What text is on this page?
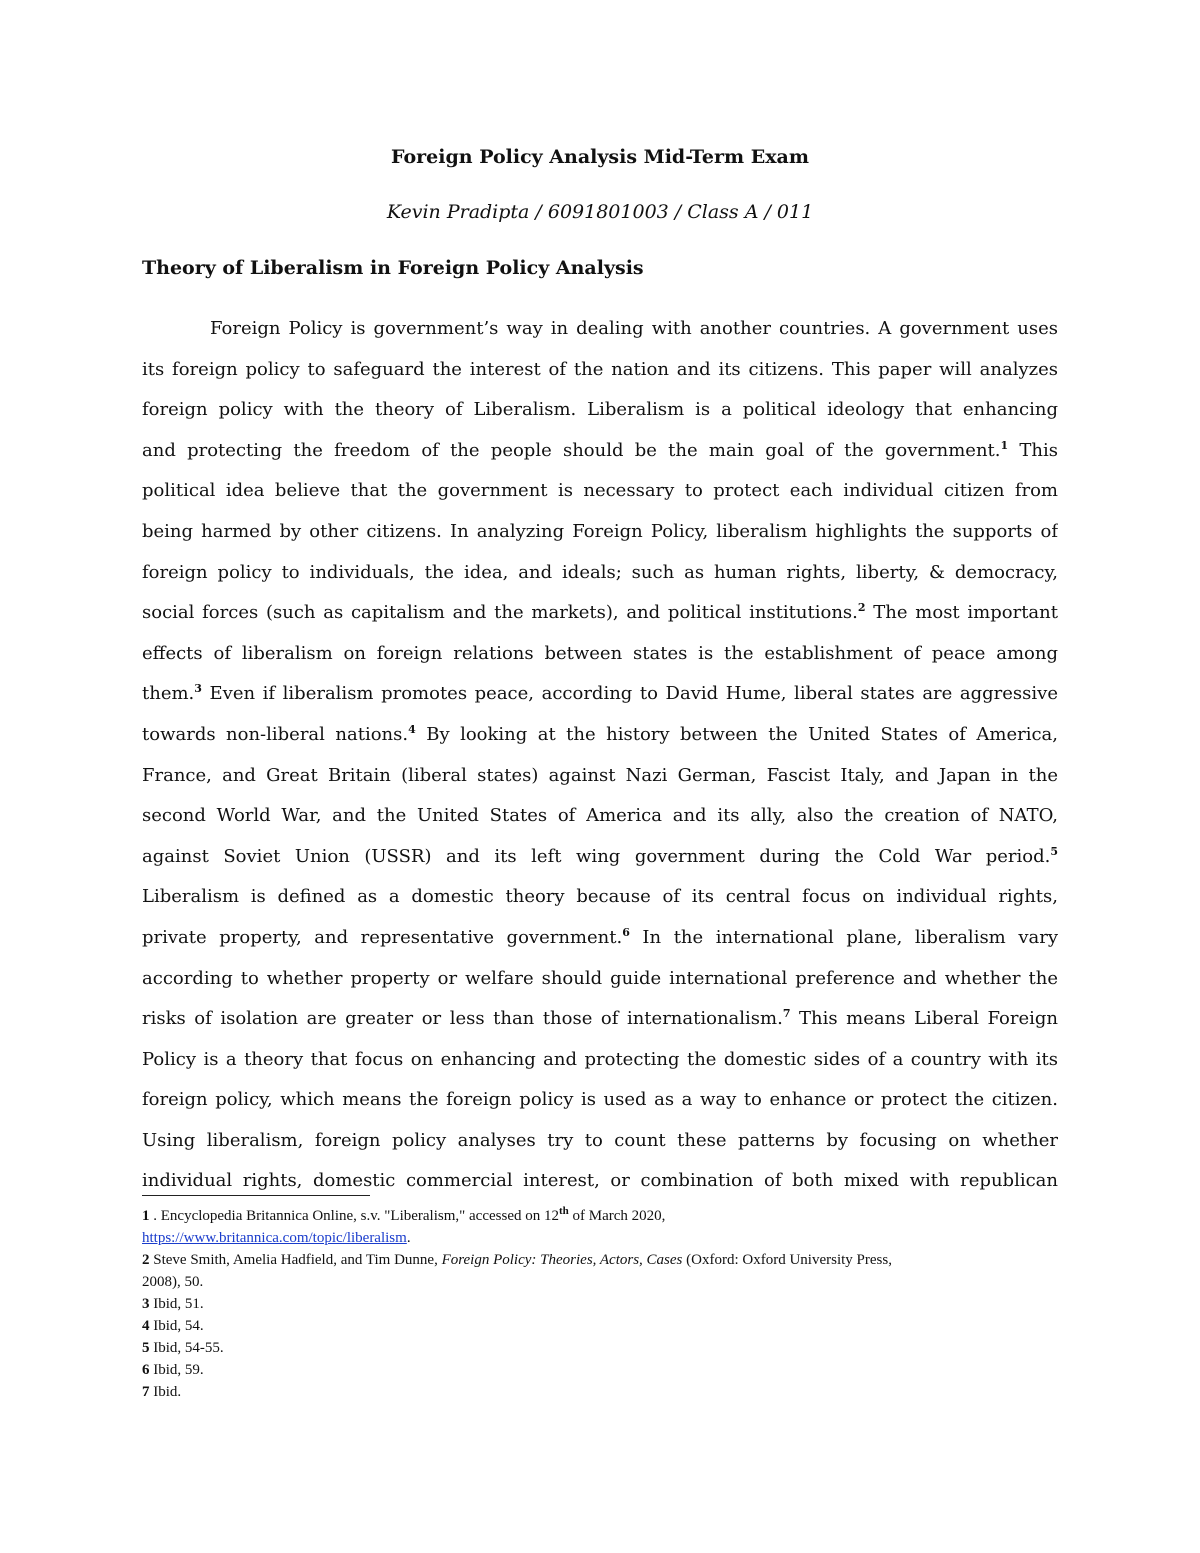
Foreign Policy Analysis Mid-Term Exam

Kevin Pradipta / 6091801003 / Class A / 011

Theory of Liberalism in Foreign Policy Analysis
Foreign Policy is government’s way in dealing with another countries. A government uses
its foreign policy to safeguard the interest of the nation and its citizens. This paper will analyzes
foreign policy with the theory of Liberalism. Liberalism is a political ideology that enhancing
and protecting the freedom of the people should be the main goal of the government.$^1$ This
political idea believe that the government is necessary to protect each individual citizen from
being harmed by other citizens. In analyzing Foreign Policy, liberalism highlights the supports of
foreign policy to individuals, the idea, and ideals; such as human rights, liberty, & democracy,
social forces (such as capitalism and the markets), and political institutions.$^2$ The most important
effects of liberalism on foreign relations between states is the establishment of peace among
them.$^3$ Even if liberalism promotes peace, according to David Hume, liberal states are aggressive
towards non-liberal nations.$^4$ By looking at the history between the United States of America,
France, and Great Britain (liberal states) against Nazi German, Fascist Italy, and Japan in the
second World War, and the United States of America and its ally, also the creation of NATO,
against Soviet Union (USSR) and its left wing government during the Cold War period.$^5$
Liberalism is defined as a domestic theory because of its central focus on individual rights,
private property, and representative government.$^6$ In the international plane, liberalism vary
according to whether property or welfare should guide international preference and whether the
risks of isolation are greater or less than those of internationalism.$^7$ This means Liberal Foreign
Policy is a theory that focus on enhancing and protecting the domestic sides of a country with its
foreign policy, which means the foreign policy is used as a way to enhance or protect the citizen.
Using liberalism, foreign policy analyses try to count these patterns by focusing on whether
individual rights, domestic commercial interest, or combination of both mixed with republican

1 . Encyclopedia Britannica Online, s.v. "Liberalism," accessed on 12th of March 2020,
https://www.britannica.com/topic/liberalism.

2 Steve Smith, Amelia Hadfield, and Tim Dunne, Foreign Policy: Theories, Actors, Cases (Oxford: Oxford University Press,
2008), 50.

3 Ibid, 51.

4 Ibid, 54.

5 Ibid, 54-55.

6 Ibid, 59.

7 Ibid.
